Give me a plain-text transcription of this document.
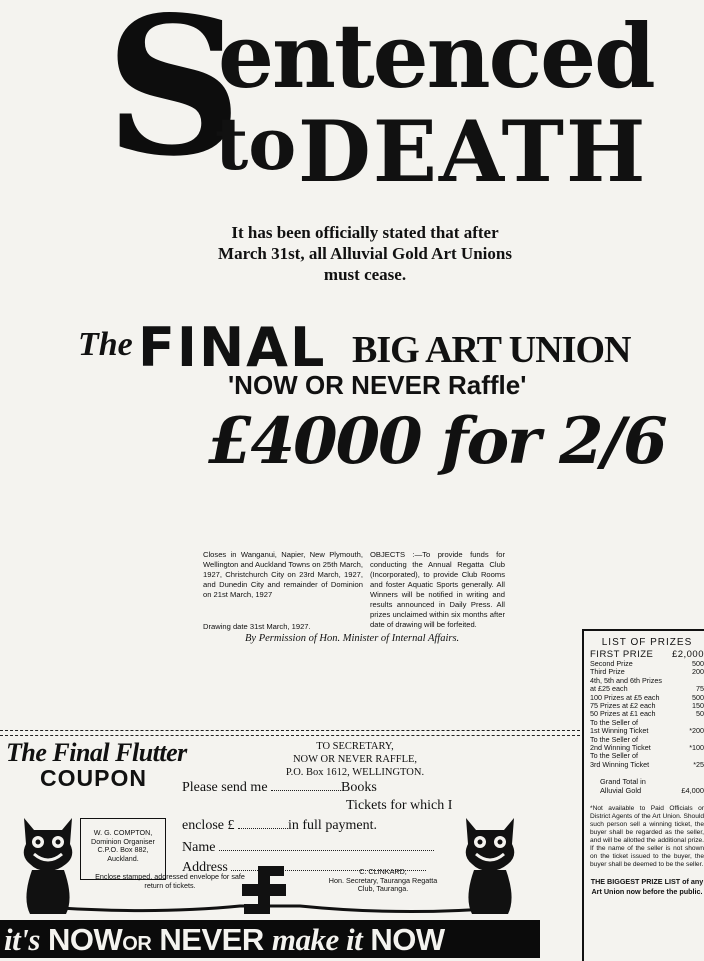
S
entenced
to DEATH
It has been officially stated that after March 31st, all Alluvial Gold Art Unions must cease.
The FINAL BIG ART UNION
'NOW OR NEVER Raffle'
£4000 for 2/6
Closes in Wanganui, Napier, New Plymouth, Wellington and Auckland Towns on 25th March, 1927, Christchurch City on 23rd March, 1927, and Dunedin City and remainder of Dominion on 21st March, 1927
Drawing date 31st March, 1927.
OBJECTS :—To provide funds for conducting the Annual Regatta Club (Incorporated), to provide Club Rooms and foster Aquatic Sports generally. All Winners will be notified in writing and results announced in Daily Press. All prizes unclaimed within six months after date of drawing will be forfeited.
By Permission of Hon. Minister of Internal Affairs.	LIST OF PRIZES
FIRST PRIZE £2,000
Second Prize	500
Third Prize	200
4th, 5th and 6th Prizes
at £25 each	75
100 Prizes at £5 each	500
75 Prizes at £2 each	150
50 Prizes at £1 each	50
To the Seller of
1st Winning Ticket	*200
To the Seller of
2nd Winning Ticket	*100
To the Seller of
3rd Winning Ticket	*25
Grand Total in
Alluvial Gold	£4,000
*Not available to Paid Officials or District Agents of the Art Union. Should such person sell a winning ticket, the buyer shall be regarded as the seller, and will be allotted the additional prize. If the name of the seller is not shown on the ticket issued to the buyer, the buyer shall be deemed to be the seller.
THE BIGGEST PRIZE LIST of any Art Union now before the public.
The Final Flutter
COUPON
TO SECRETARY,
NOW OR NEVER RAFFLE,
P.O. Box 1612, WELLINGTON.
Please send me	Books
Tickets for which I
enclose £	in full payment.
Name
Address
W. G. COMPTON,
Dominion Organiser
C.P.O. Box 882,
Auckland.
Enclose stamped, addressed envelope for safe return of tickets.
C. CLINKARD,
Hon. Secretary, Tauranga Regatta
Club, Tauranga.
it's NOWOR NEVER make it NOW
